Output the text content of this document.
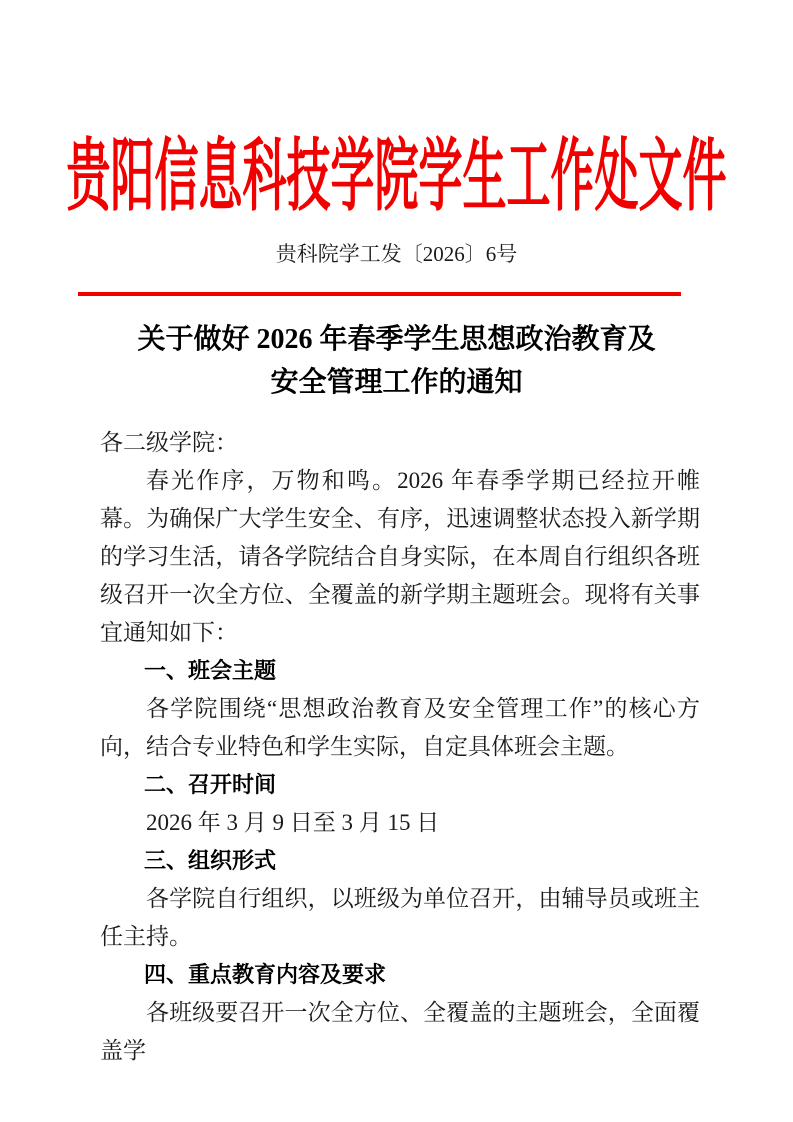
贵阳信息科技学院学生工作处文件
贵科院学工发〔2026〕6号
关于做好 2026 年春季学生思想政治教育及
安全管理工作的通知

各二级学院：

春光作序，万物和鸣。2026 年春季学期已经拉开帷幕。为确保广大学生安全、有序，迅速调整状态投入新学期的学习生活，请各学院结合自身实际，在本周自行组织各班级召开一次全方位、全覆盖的新学期主题班会。现将有关事宜通知如下：

一、班会主题

各学院围绕“思想政治教育及安全管理工作”的核心方向，结合专业特色和学生实际，自定具体班会主题。

二、召开时间

2026 年 3 月 9 日至 3 月 15 日

三、组织形式

各学院自行组织，以班级为单位召开，由辅导员或班主任主持。

四、重点教育内容及要求

各班级要召开一次全方位、全覆盖的主题班会，全面覆盖学
